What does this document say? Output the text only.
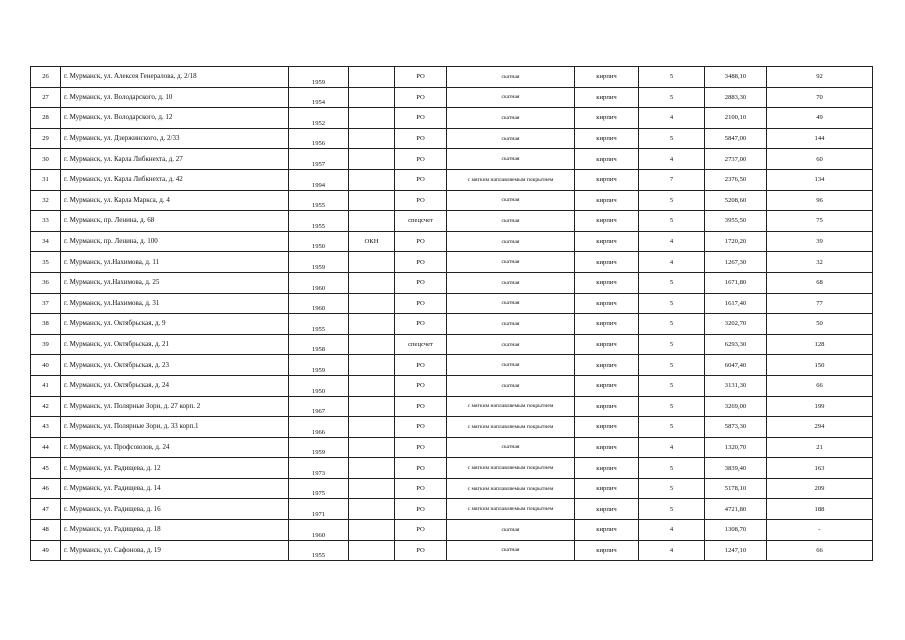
26	г. Мурманск, ул. Алексея Генералова, д. 2/18	1959		РО	скатная	кирпич	5	3488,10	92
27	г. Мурманск, ул. Володарского, д. 10	1954		РО	скатная	кирпич	5	2883,30	70
28	г. Мурманск, ул. Володарского, д. 12	1952		РО	скатная	кирпич	4	2100,10	49
29	г. Мурманск, ул. Дзержинского, д. 2/33	1956		РО	скатная	кирпич	5	5847,00	144
30	г. Мурманск, ул. Карла Либкнехта, д. 27	1957		РО	скатная	кирпич	4	2737,00	60
31	г. Мурманск, ул. Карла Либкнехта, д. 42	1994		РО	с мягким наплавляемым покрытием	кирпич	7	2376,50	134
32	г. Мурманск, ул. Карла Маркса, д. 4	1955		РО	скатная	кирпич	5	5208,60	96
33	г. Мурманск, пр. Ленина, д. 68	1955		спецсчет	скатная	кирпич	5	3955,50	75
34	г. Мурманск, пр. Ленина, д. 100	1950	ОКН	РО	скатная	кирпич	4	1720,20	39
35	г. Мурманск, ул.Нахимова, д. 11	1959		РО	скатная	кирпич	4	1267,30	32
36	г. Мурманск, ул.Нахимова, д. 25	1960		РО	скатная	кирпич	5	1671,80	68
37	г. Мурманск, ул.Нахимова, д. 31	1960		РО	скатная	кирпич	5	1617,40	77
38	г. Мурманск, ул. Октябрьская, д. 9	1955		РО	скатная	кирпич	5	3202,70	50
39	г. Мурманск, ул. Октябрьская, д. 21	1958		спецсчет	скатная	кирпич	5	6293,30	128
40	г. Мурманск, ул. Октябрьская, д. 23	1959		РО	скатная	кирпич	5	6047,40	150
41	г. Мурманск, ул. Октябрьская, д. 24	1950		РО	скатная	кирпич	5	3131,30	66
42	г. Мурманск, ул. Полярные Зори, д. 27 корп. 2	1967		РО	с мягким наплавляемым покрытием	кирпич	5	3269,00	199
43	г. Мурманск, ул. Полярные Зори, д. 33 корп.1	1966		РО	с мягким наплавляемым покрытием	кирпич	5	5873,30	294
44	г. Мурманск, ул. Профсоюзов, д. 24	1959		РО	скатная	кирпич	4	1320,70	21
45	г. Мурманск, ул. Радищева, д. 12	1973		РО	с мягким наплавляемым покрытием	кирпич	5	3839,40	163
46	г. Мурманск, ул. Радищева, д. 14	1975		РО	с мягким наплавляемым покрытием	кирпич	5	5178,10	209
47	г. Мурманск, ул. Радищева, д. 16	1971		РО	с мягким наплавляемым покрытием	кирпич	5	4721,80	188
48	г. Мурманск, ул. Радищева, д. 18	1960		РО	скатная	кирпич	4	1308,70	-
49	г. Мурманск, ул. Сафонова, д. 19	1955		РО	скатная	кирпич	4	1247,10	66
